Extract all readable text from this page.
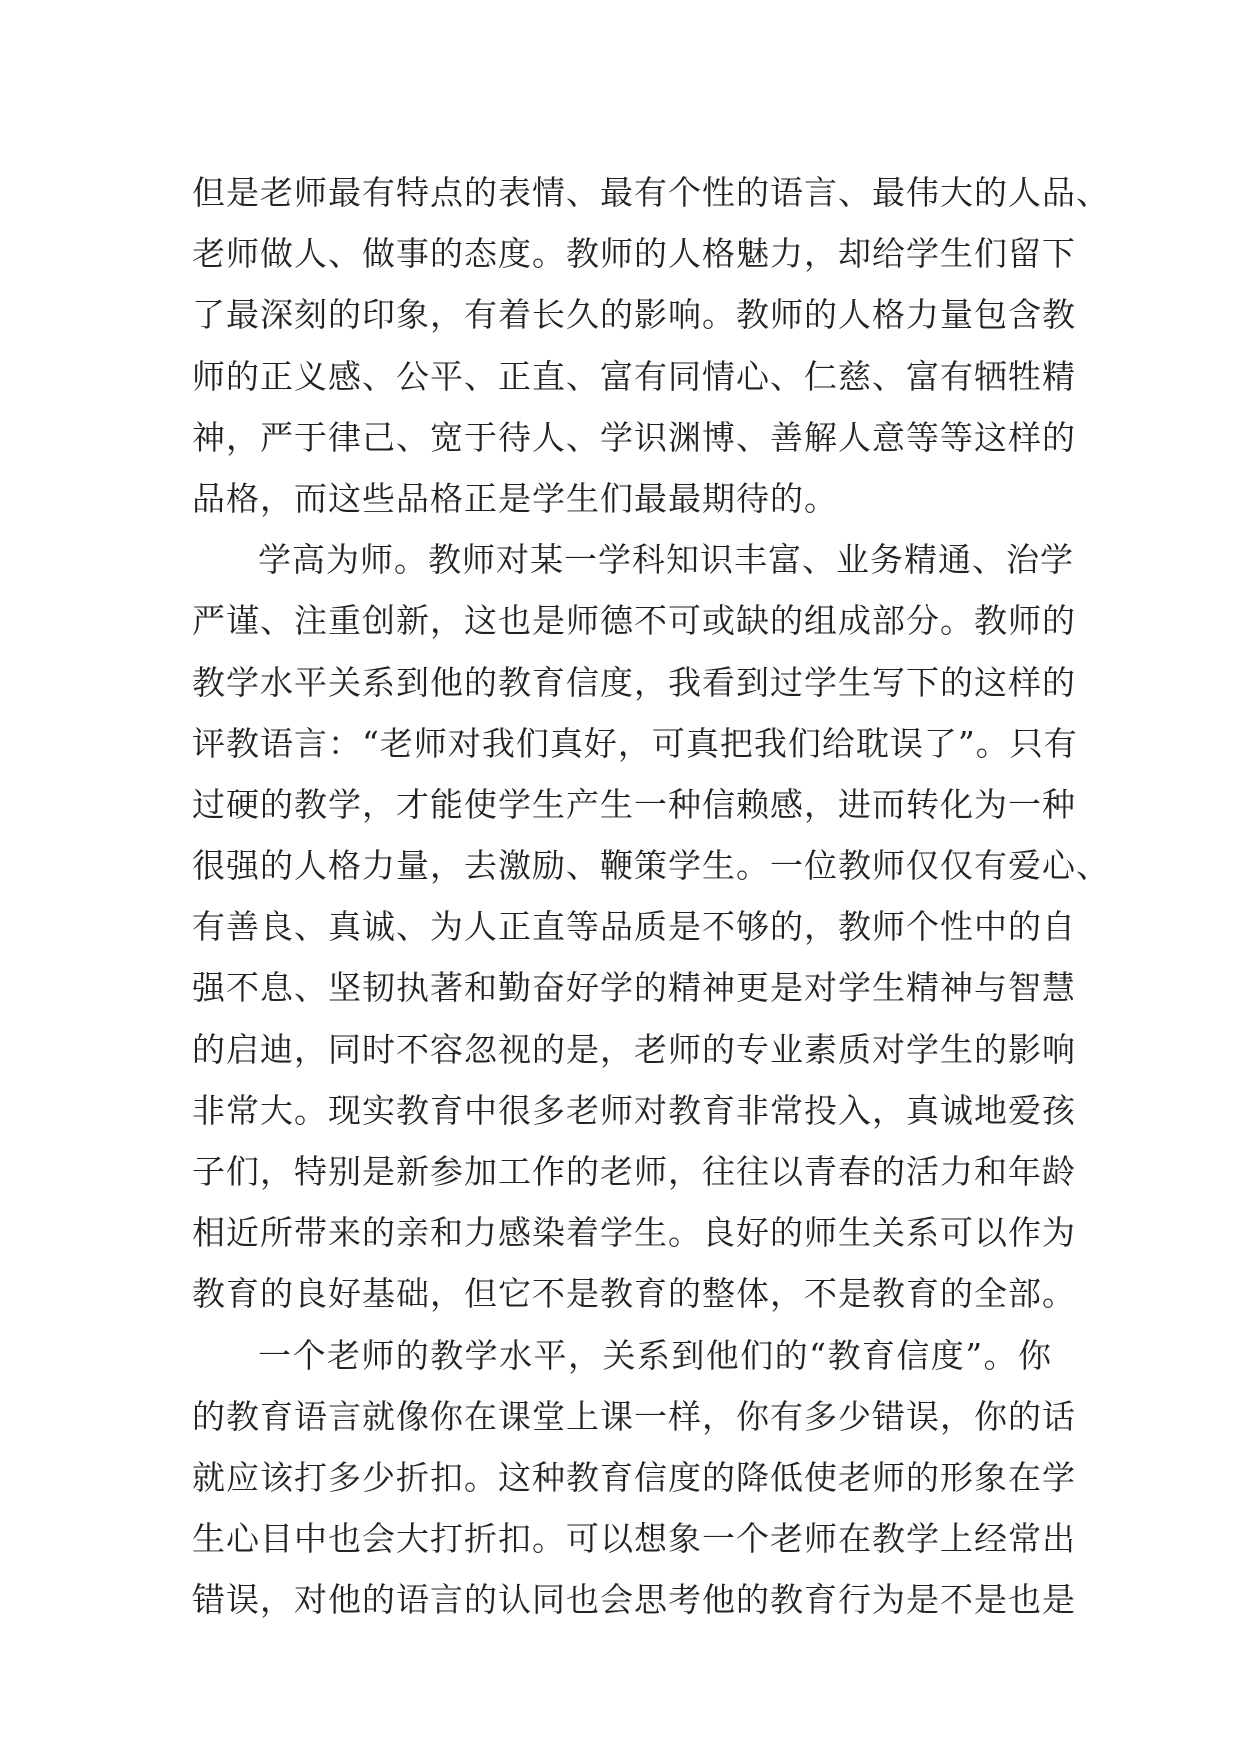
但是老师最有特点的表情、最有个性的语言、最伟大的人品、
老师做人、做事的态度。教师的人格魅力，却给学生们留下
了最深刻的印象，有着长久的影响。教师的人格力量包含教
师的正义感、公平、正直、富有同情心、仁慈、富有牺牲精
神，严于律己、宽于待人、学识渊博、善解人意等等这样的
品格，而这些品格正是学生们最最期待的。
学高为师。教师对某一学科知识丰富、业务精通、治学
严谨、注重创新，这也是师德不可或缺的组成部分。教师的
教学水平关系到他的教育信度，我看到过学生写下的这样的
评教语言：“老师对我们真好，可真把我们给耽误了”。只有
过硬的教学，才能使学生产生一种信赖感，进而转化为一种
很强的人格力量，去激励、鞭策学生。一位教师仅仅有爱心、
有善良、真诚、为人正直等品质是不够的，教师个性中的自
强不息、坚韧执著和勤奋好学的精神更是对学生精神与智慧
的启迪，同时不容忽视的是，老师的专业素质对学生的影响
非常大。现实教育中很多老师对教育非常投入，真诚地爱孩
子们，特别是新参加工作的老师，往往以青春的活力和年龄
相近所带来的亲和力感染着学生。良好的师生关系可以作为
教育的良好基础，但它不是教育的整体，不是教育的全部。
一个老师的教学水平，关系到他们的“教育信度”。你
的教育语言就像你在课堂上课一样，你有多少错误，你的话
就应该打多少折扣。这种教育信度的降低使老师的形象在学
生心目中也会大打折扣。可以想象一个老师在教学上经常出
错误，对他的语言的认同也会思考他的教育行为是不是也是
